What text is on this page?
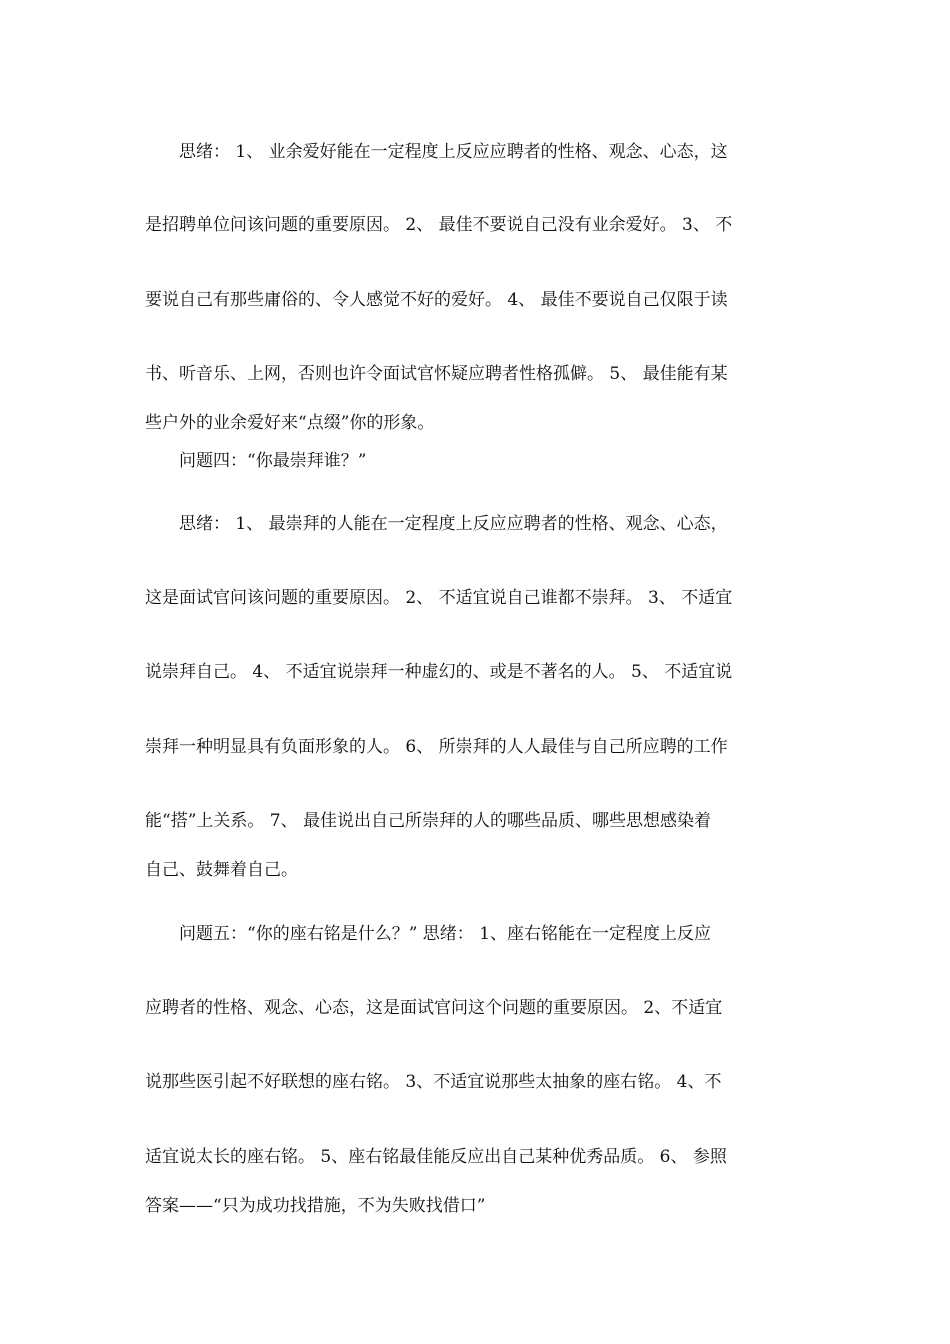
　　思绪： 1、 业余爱好能在一定程度上反应应聘者的性格、观念、心态，这
是招聘单位问该问题的重要原因。 2、 最佳不要说自己没有业余爱好。 3、 不
要说自己有那些庸俗的、令人感觉不好的爱好。 4、 最佳不要说自己仅限于读
书、听音乐、上网，否则也许令面试官怀疑应聘者性格孤僻。 5、 最佳能有某
些户外的业余爱好来“点缀”你的形象。
　　问题四：“你最崇拜谁？”
　　思绪： 1、 最崇拜的人能在一定程度上反应应聘者的性格、观念、心态，
这是面试官问该问题的重要原因。 2、 不适宜说自己谁都不崇拜。 3、 不适宜
说崇拜自己。 4、 不适宜说崇拜一种虚幻的、或是不著名的人。 5、 不适宜说
崇拜一种明显具有负面形象的人。 6、 所崇拜的人人最佳与自己所应聘的工作
能“搭”上关系。 7、 最佳说出自己所崇拜的人的哪些品质、哪些思想感染着
自己、鼓舞着自己。
　　问题五：“你的座右铭是什么？” 思绪： 1、座右铭能在一定程度上反应
应聘者的性格、观念、心态，这是面试官问这个问题的重要原因。 2、不适宜
说那些医引起不好联想的座右铭。 3、不适宜说那些太抽象的座右铭。 4、不
适宜说太长的座右铭。 5、座右铭最佳能反应出自己某种优秀品质。 6、 参照
答案——“只为成功找措施，不为失败找借口”
